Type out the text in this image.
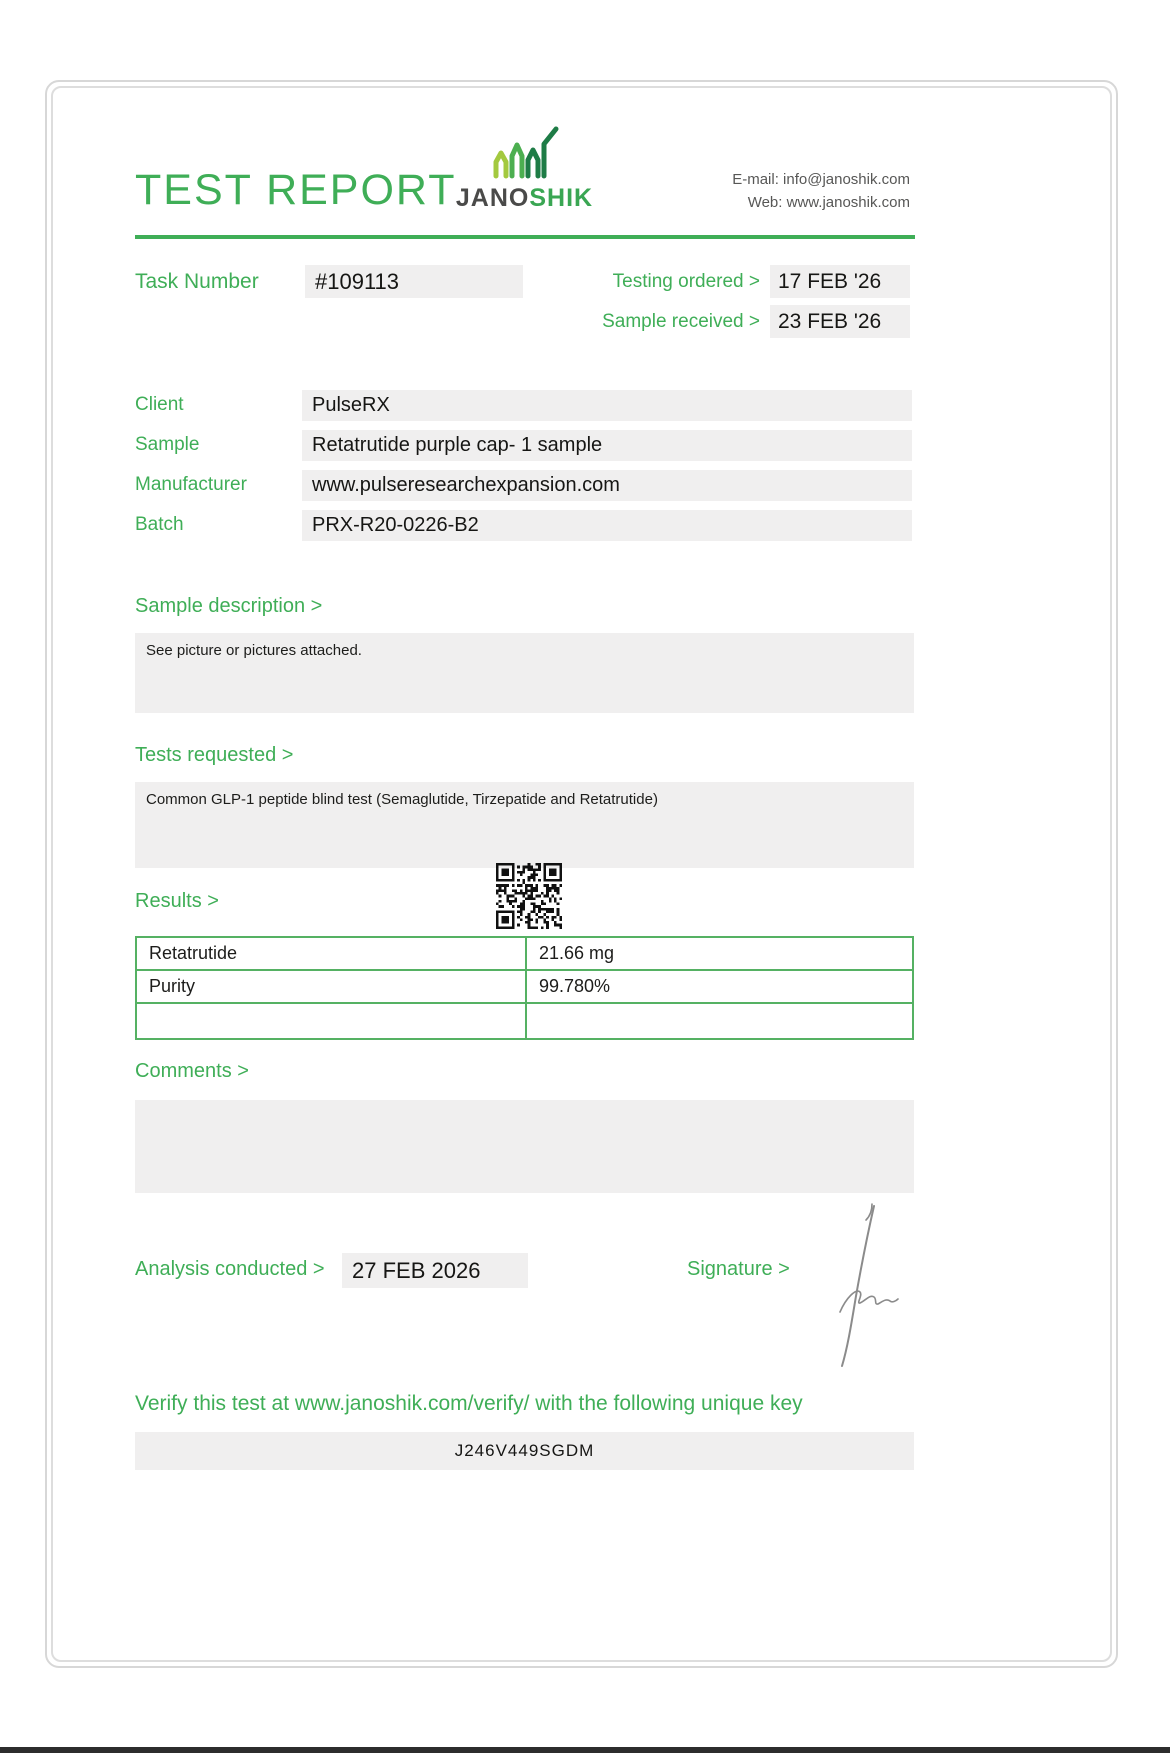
TEST REPORT JANOSHIK
E-mail: info@janoshik.com
Web: www.janoshik.com
Task Number	#109113	Testing ordered > 17 FEB '26
Sample received > 23 FEB '26
Client	PulseRX
Sample	Retatrutide purple cap- 1 sample
Manufacturer	www.pulseresearchexpansion.com
Batch	PRX-R20-0226-B2
Sample description >
See picture or pictures attached.
Tests requested >
Common GLP-1 peptide blind test (Semaglutide, Tirzepatide and Retatrutide)
Results >
Retatrutide	21.66 mg
Purity	99.780%

Comments >
Analysis conducted >	27 FEB 2026	Signature >
Verify this test at www.janoshik.com/verify/ with the following unique key
J246V449SGDM
